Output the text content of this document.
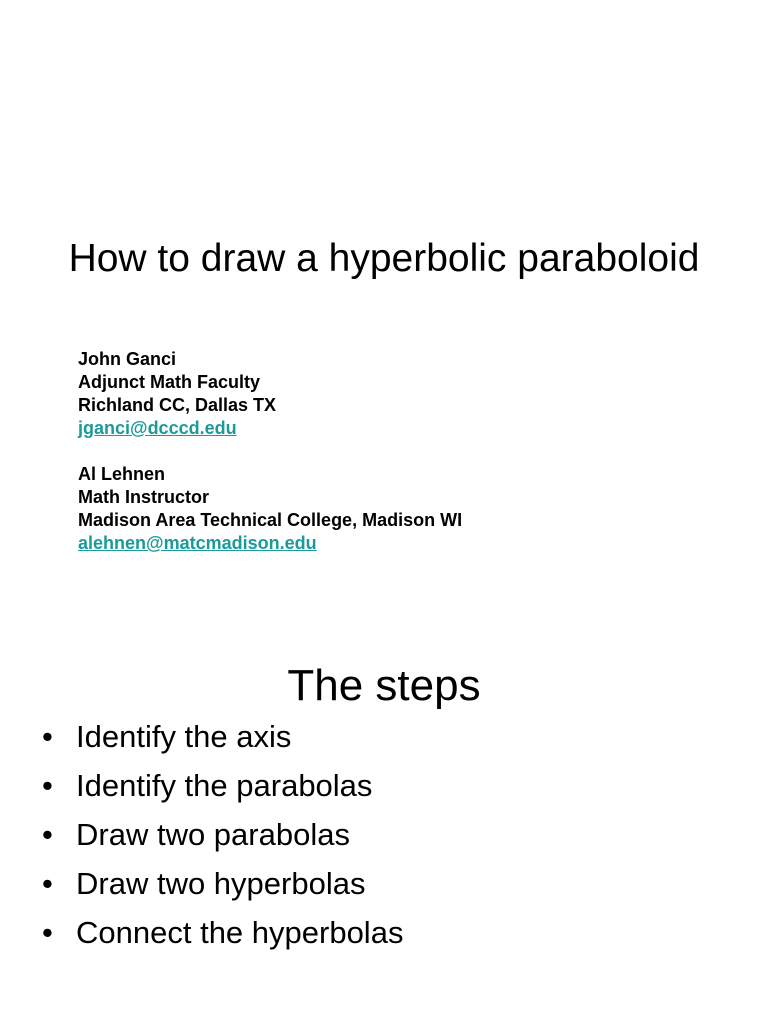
How to draw a hyperbolic paraboloid
John Ganci
Adjunct Math Faculty
Richland CC, Dallas TX
jganci@dcccd.edu
Al Lehnen
Math Instructor
Madison Area Technical College, Madison WI
alehnen@matcmadison.edu
The steps
• Identify the axis
• Identify the parabolas
• Draw two parabolas
• Draw two hyperbolas
• Connect the hyperbolas
